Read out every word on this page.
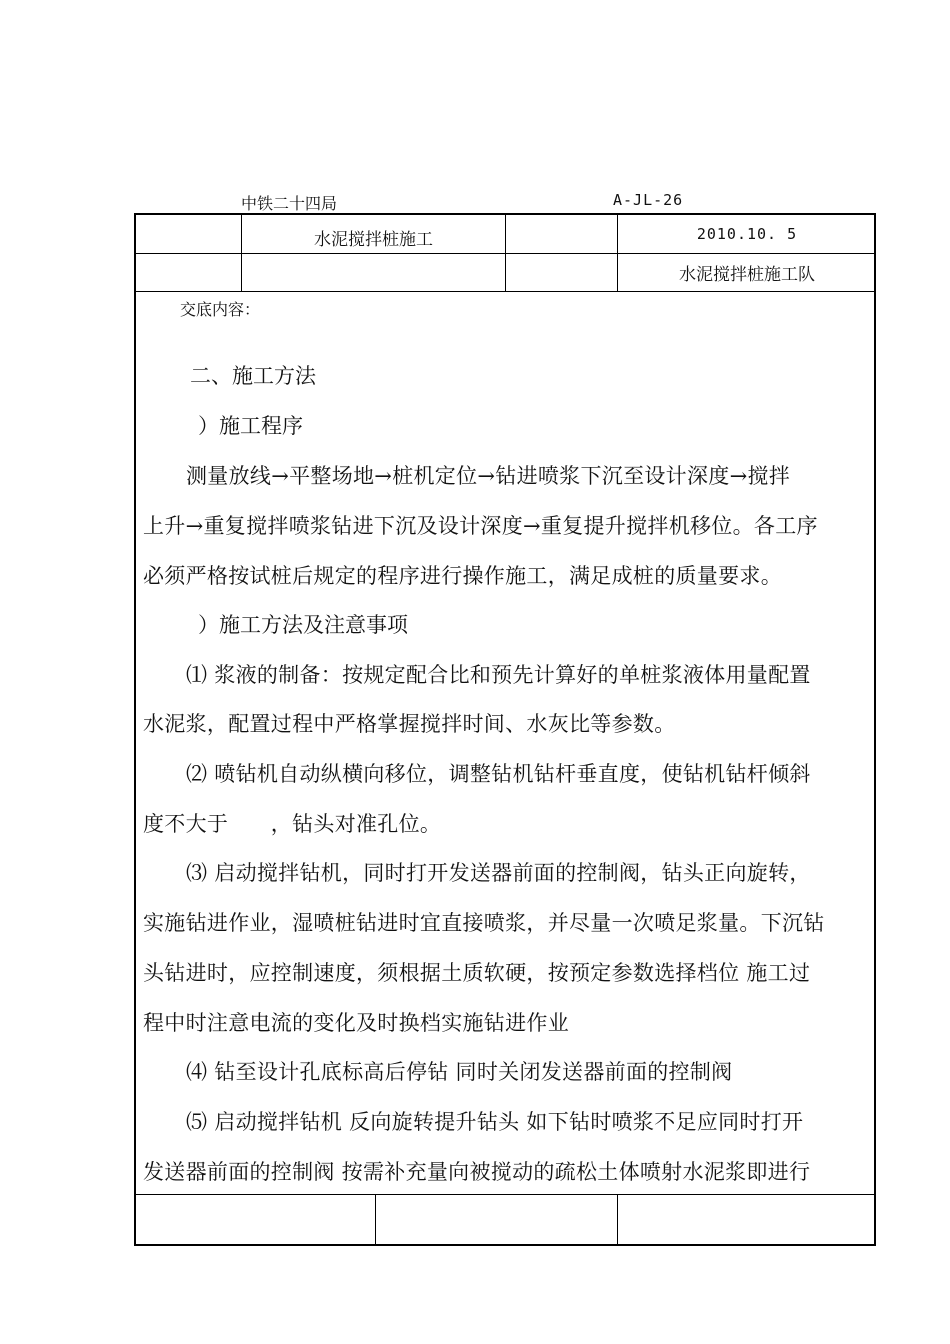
中铁二十四局	A-JL-26
水泥搅拌桩施工	2010.10. 5
水泥搅拌桩施工队
交底内容：
二、施工方法
）施工程序
测量放线→平整场地→桩机定位→钻进喷浆下沉至设计深度→搅拌
上升→重复搅拌喷浆钻进下沉及设计深度→重复提升搅拌机移位。各工序
必须严格按试桩后规定的程序进行操作施工，满足成桩的质量要求。
）施工方法及注意事项
⑴ 浆液的制备：按规定配合比和预先计算好的单桩浆液体用量配置
水泥浆，配置过程中严格掌握搅拌时间、水灰比等参数。
⑵ 喷钻机自动纵横向移位，调整钻机钻杆垂直度，使钻机钻杆倾斜
度不大于　　，钻头对准孔位。
⑶ 启动搅拌钻机，同时打开发送器前面的控制阀，钻头正向旋转，
实施钻进作业，湿喷桩钻进时宜直接喷浆，并尽量一次喷足浆量。下沉钻
头钻进时，应控制速度，须根据土质软硬，按预定参数选择档位 施工过
程中时注意电流的变化及时换档实施钻进作业
⑷ 钻至设计孔底标高后停钻 同时关闭发送器前面的控制阀
⑸ 启动搅拌钻机 反向旋转提升钻头 如下钻时喷浆不足应同时打开
发送器前面的控制阀 按需补充量向被搅动的疏松土体喷射水泥浆即进行
